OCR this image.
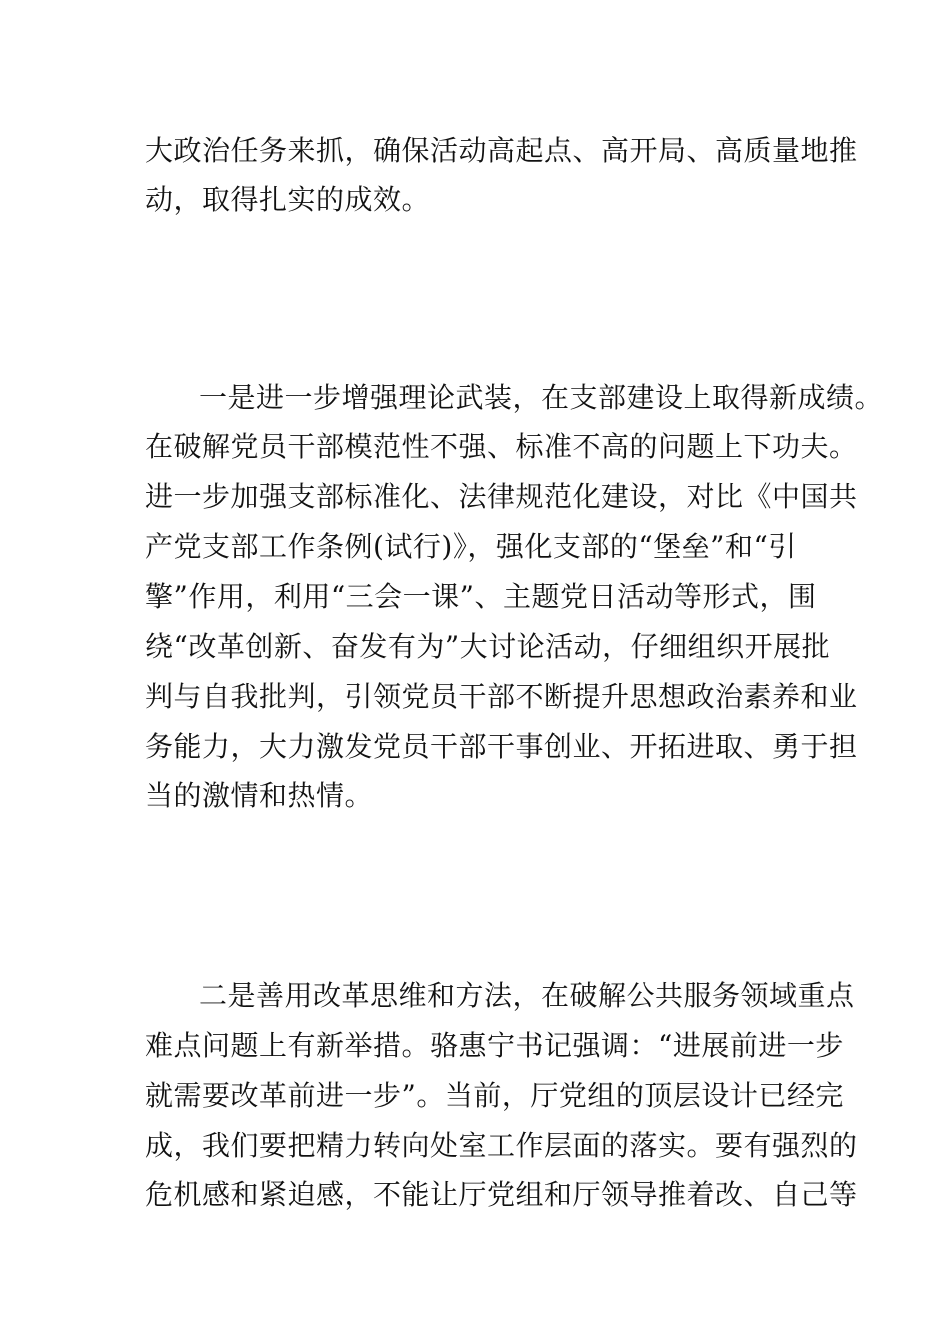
大政治任务来抓，确保活动高起点、高开局、高质量地推
动，取得扎实的成效。
一是进一步增强理论武装，在支部建设上取得新成绩。
在破解党员干部模范性不强、标准不高的问题上下功夫。
进一步加强支部标准化、法律规范化建设，对比《中国共
产党支部工作条例(试行)》，强化支部的“堡垒”和“引
擎”作用，利用“三会一课”、主题党日活动等形式，围
绕“改革创新、奋发有为”大讨论活动，仔细组织开展批
判与自我批判，引领党员干部不断提升思想政治素养和业
务能力，大力激发党员干部干事创业、开拓进取、勇于担
当的激情和热情。
二是善用改革思维和方法，在破解公共服务领域重点
难点问题上有新举措。骆惠宁书记强调：“进展前进一步
就需要改革前进一步”。当前，厅党组的顶层设计已经完
成，我们要把精力转向处室工作层面的落实。要有强烈的
危机感和紧迫感，不能让厅党组和厅领导推着改、自己等
